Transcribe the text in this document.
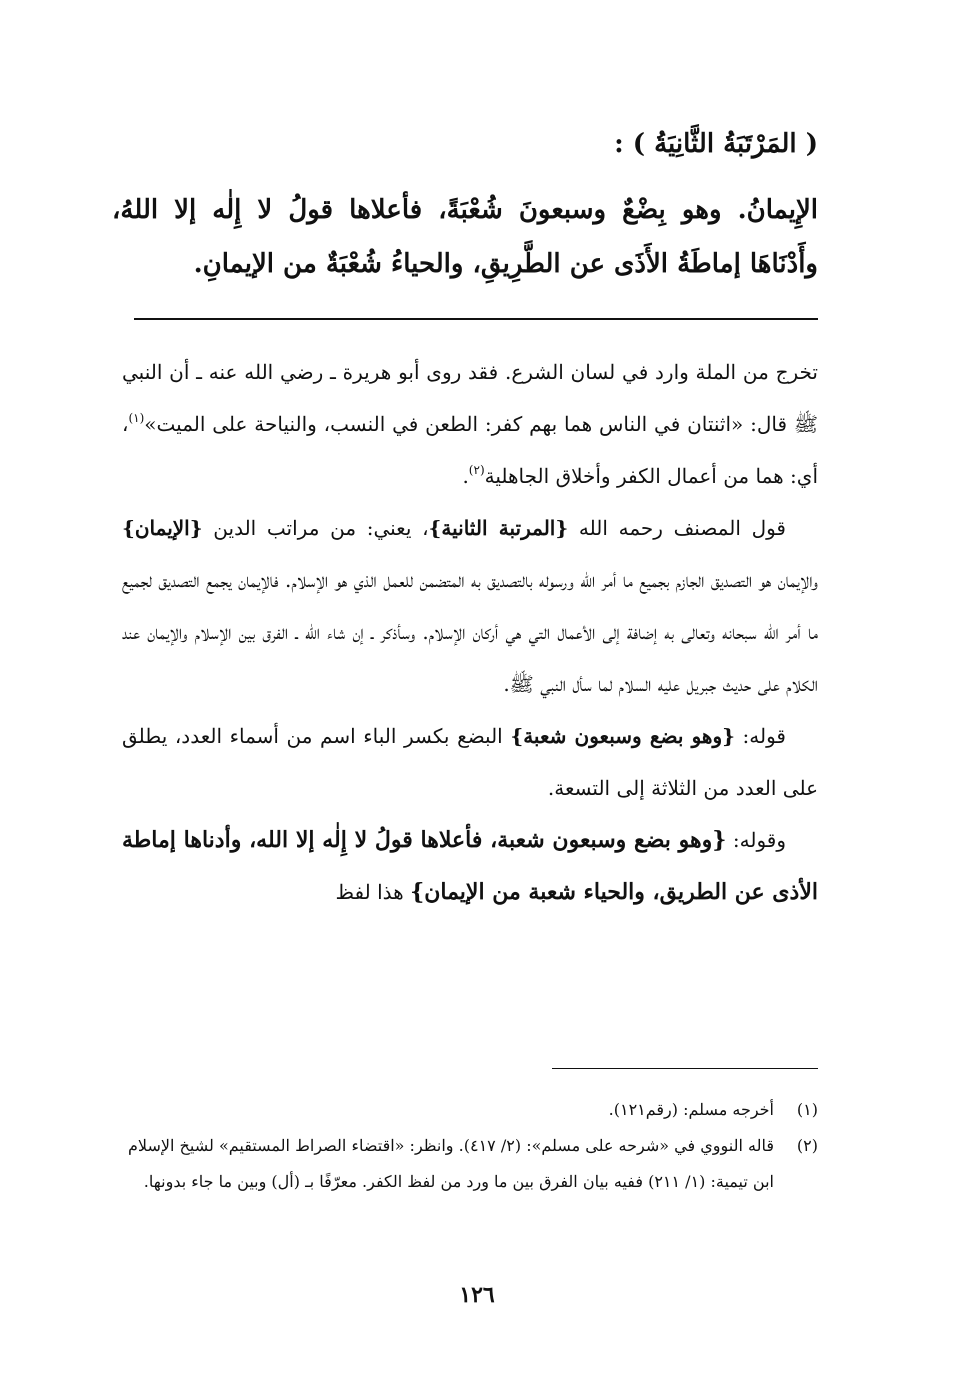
( المَرْتَبَةُ الثَّانِيَةُ ) :
الإِيمانُ. وهو بِضْعٌ وسبعونَ شُعْبَةً، فأعلاها قولُ لا إِلٰه إلا اللهُ،
وأَدْنَاهَا إماطَةُ الأَذَى عن الطَّرِيقِ، والحياءُ شُعْبَةٌ من الإيمانِ.

تخرج من الملة وارد في لسان الشرع. فقد روى أبو هريرة ـ رضي الله عنه ـ أن النبي ﷺ قال: «اثنتان في الناس هما بهم كفر: الطعن في النسب، والنياحة على الميت»$^{(١)}$، أي: هما من أعمال الكفر وأخلاق الجاهلية$^{(٢)}$.

قول المصنف رحمه الله {المرتبة الثانية}، يعني: من مراتب الدين {الإيمان} والإيمان هو التصديق الجازم بجميع ما أمر الله ورسوله بالتصديق به المتضمن للعمل الذي هو الإسلام. فالإيمان يجمع التصديق لجميع ما أمر الله سبحانه وتعالى به إضافة إلى الأعمال التي هي أركان الإسلام. وسأذكر ـ إن شاء الله ـ الفرق بين الإسلام والإيمان عند الكلام على حديث جبريل عليه السلام لما سأل النبي ﷺ.

قوله: {وهو بضع وسبعون شعبة} البضع بكسر الباء اسم من أسماء العدد، يطلق على العدد من الثلاثة إلى التسعة.

وقوله: {وهو بضع وسبعون شعبة، فأعلاها قولُ لا إِلٰه إلا الله، وأدناها إماطة الأذى عن الطريق، والحياء شعبة من الإيمان} هذا لفظ

(١)
أخرجه مسلم: (رقم١٢١).
(٢)
قاله النووي في «شرحه على مسلم»: (٢/ ٤١٧). وانظر: «اقتضاء الصراط المستقيم» لشيخ الإسلام ابن تيمية: (١/ ٢١١) ففيه بيان الفرق بين ما ورد من لفظ الكفر. معرّفًا بـ (أل) وبين ما جاء بدونها.
١٢٦
